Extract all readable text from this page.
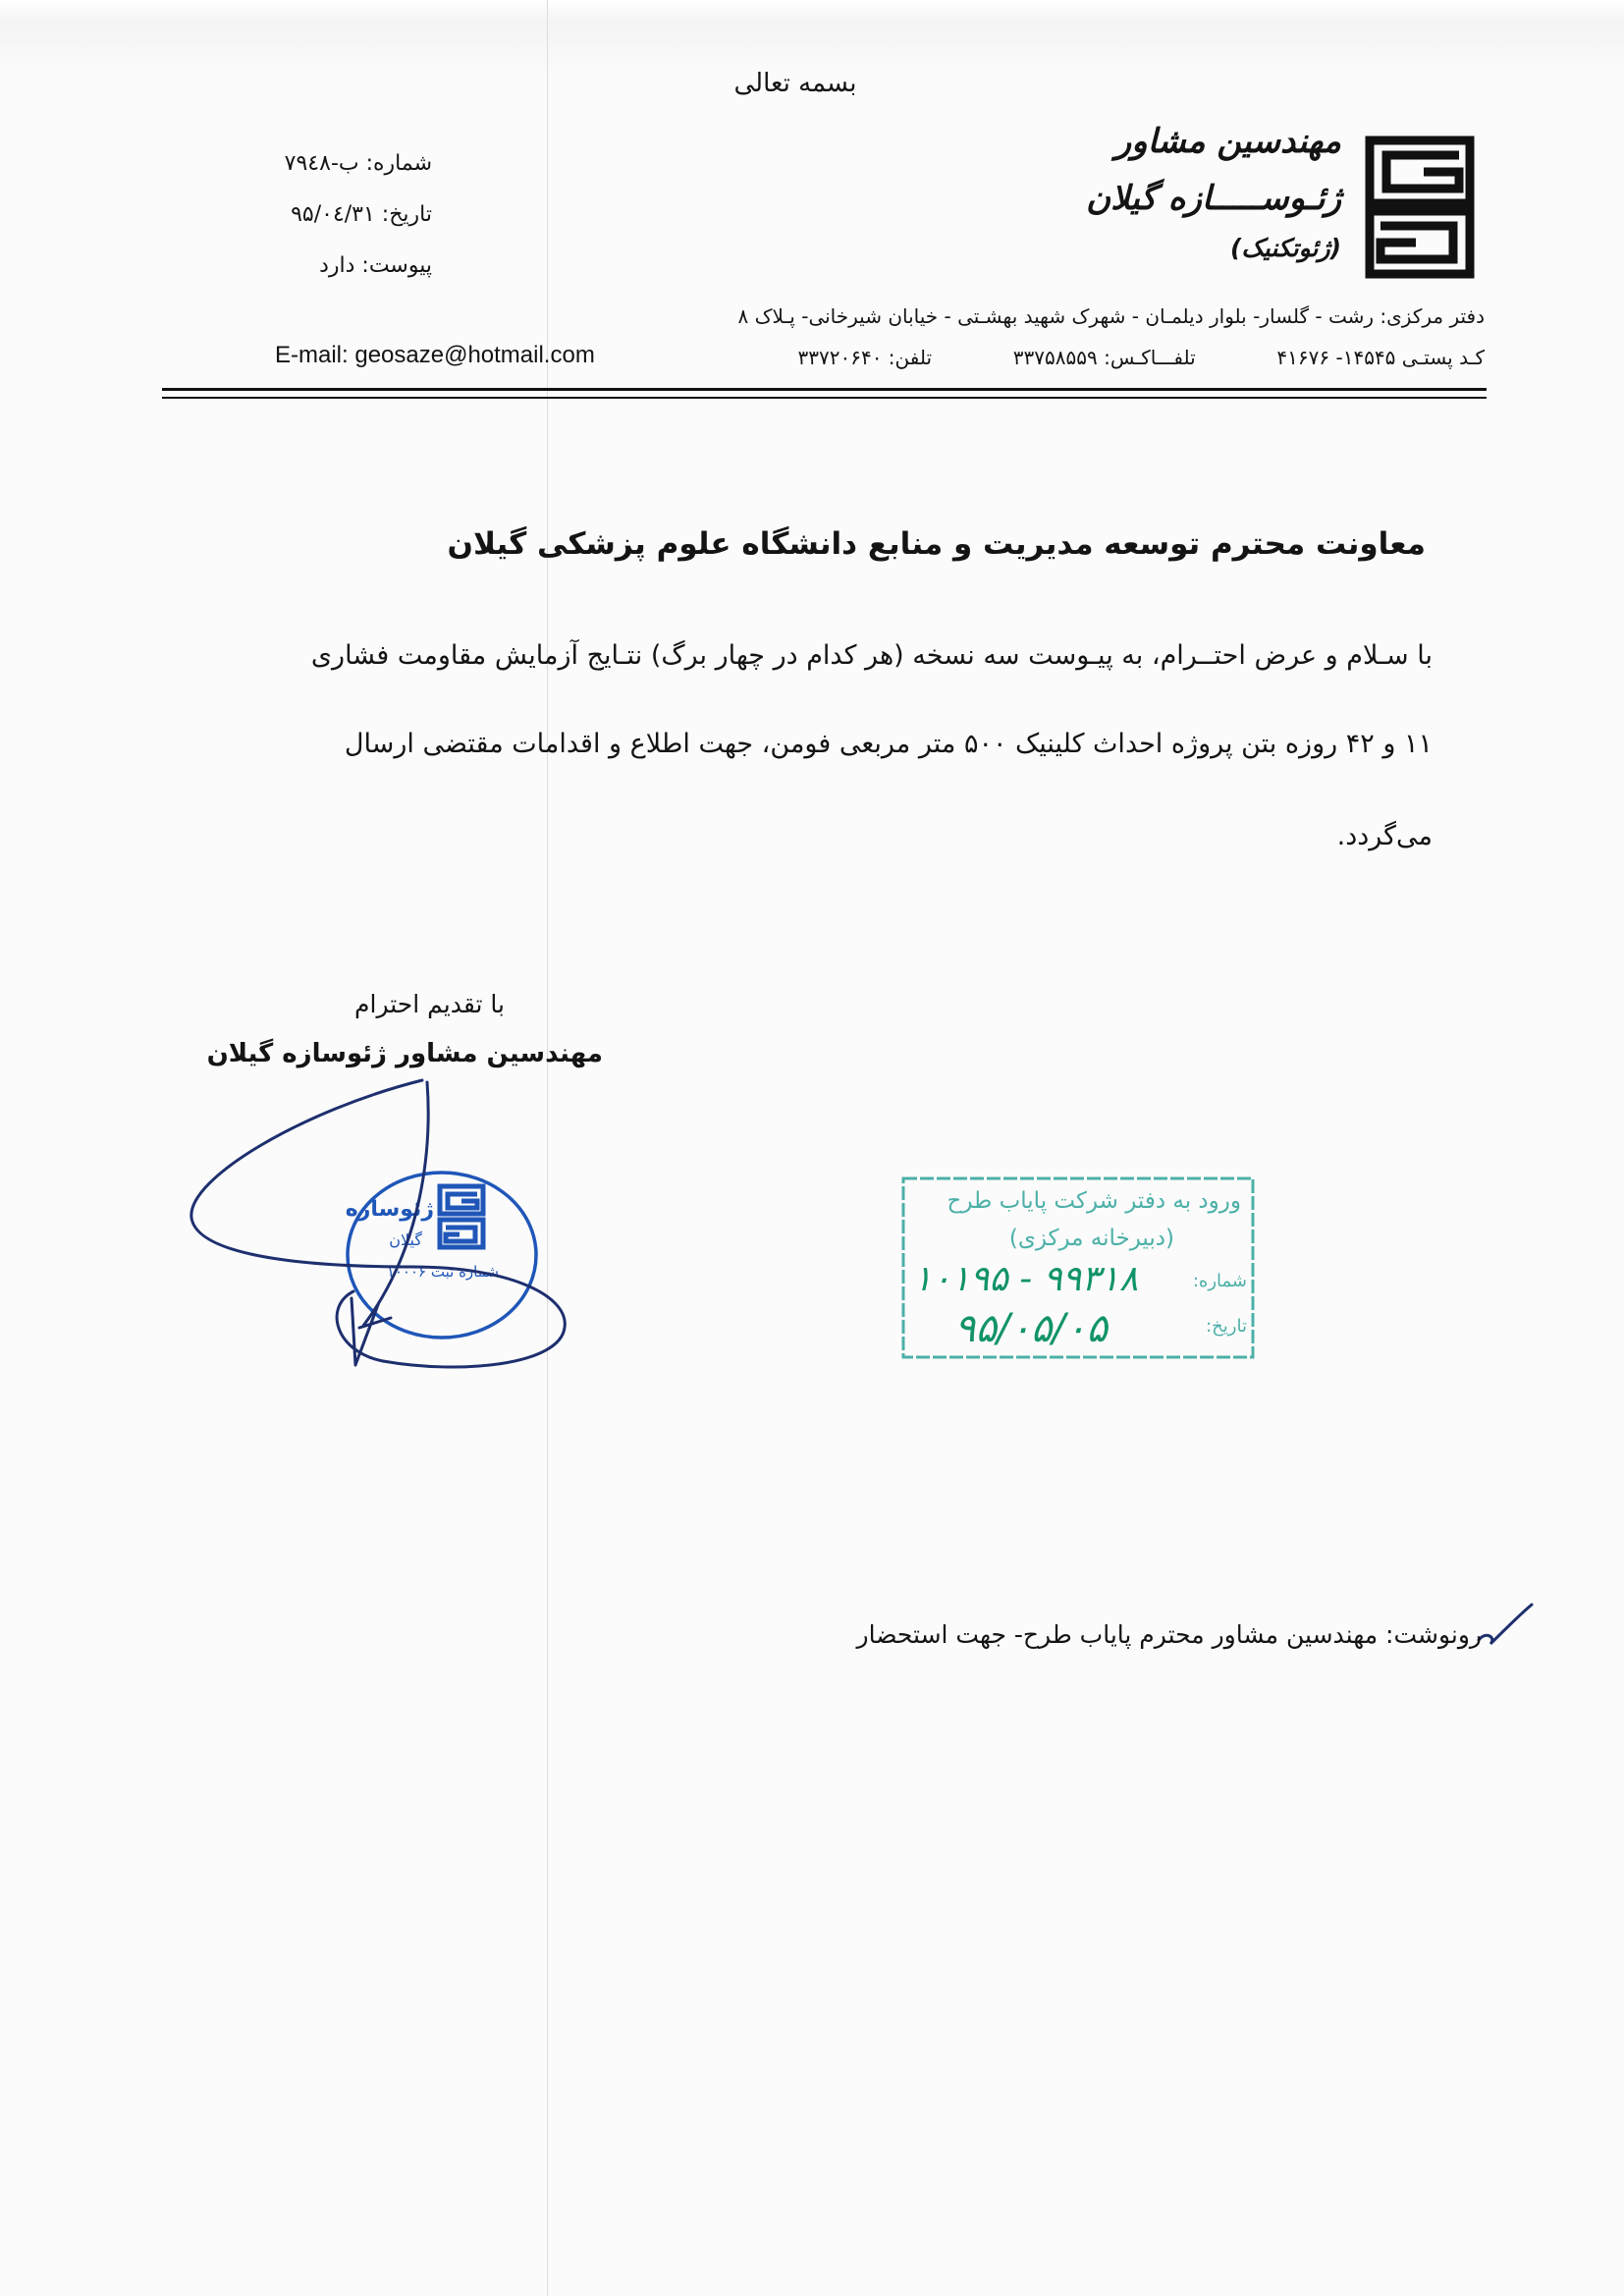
بسمه تعالی
مهندسین مشاور
ژئـوســـــازه گیلان
(ژئوتکنیک)
شماره: ب-۷۹٤۸
تاریخ: ۹۵/۰٤/۳۱
پیوست: دارد
دفتر مرکزی: رشت - گلسار- بلوار دیلمـان - شهرک شهید بهشـتی - خیابان شیرخانی- پـلاک ۸
کـد پستـی ۱۴۵۴۵- ۴۱۶۷۶  تلفـــاکـس: ۳۳۷۵۸۵۵۹  تلفن: ۳۳۷۲۰۶۴۰
E-mail: geosaze@hotmail.com
معاونت محترم توسعه مدیریت و منابع دانشگاه علوم پزشکی گیلان
با سـلام و عرض احتــرام، به پیـوست سه نسخه (هر کدام در چهار برگ) نتـایج آزمایش مقاومت فشاری
۱۱ و ۴۲ روزه بتن پروژه احداث کلینیک ۵۰۰ متر مربعی فومن، جهت اطلاع و اقدامات مقتضی ارسال
می‌گردد.
با تقدیم احترام
مهندسین مشاور ژئوسازه گیلان
ژئوسازه
گیلان
شماره ثبت ۱۰۰۰۶
ورود به دفتر شرکت پایاب طرح
(دبیرخانه مرکزی)
شماره:
تاریخ:
۱۰۱۹۵ - ۹۹۳۱۸
۹۵/۰۵/۰۵
رونوشت: مهندسین مشاور محترم پایاب طرح- جهت استحضار
